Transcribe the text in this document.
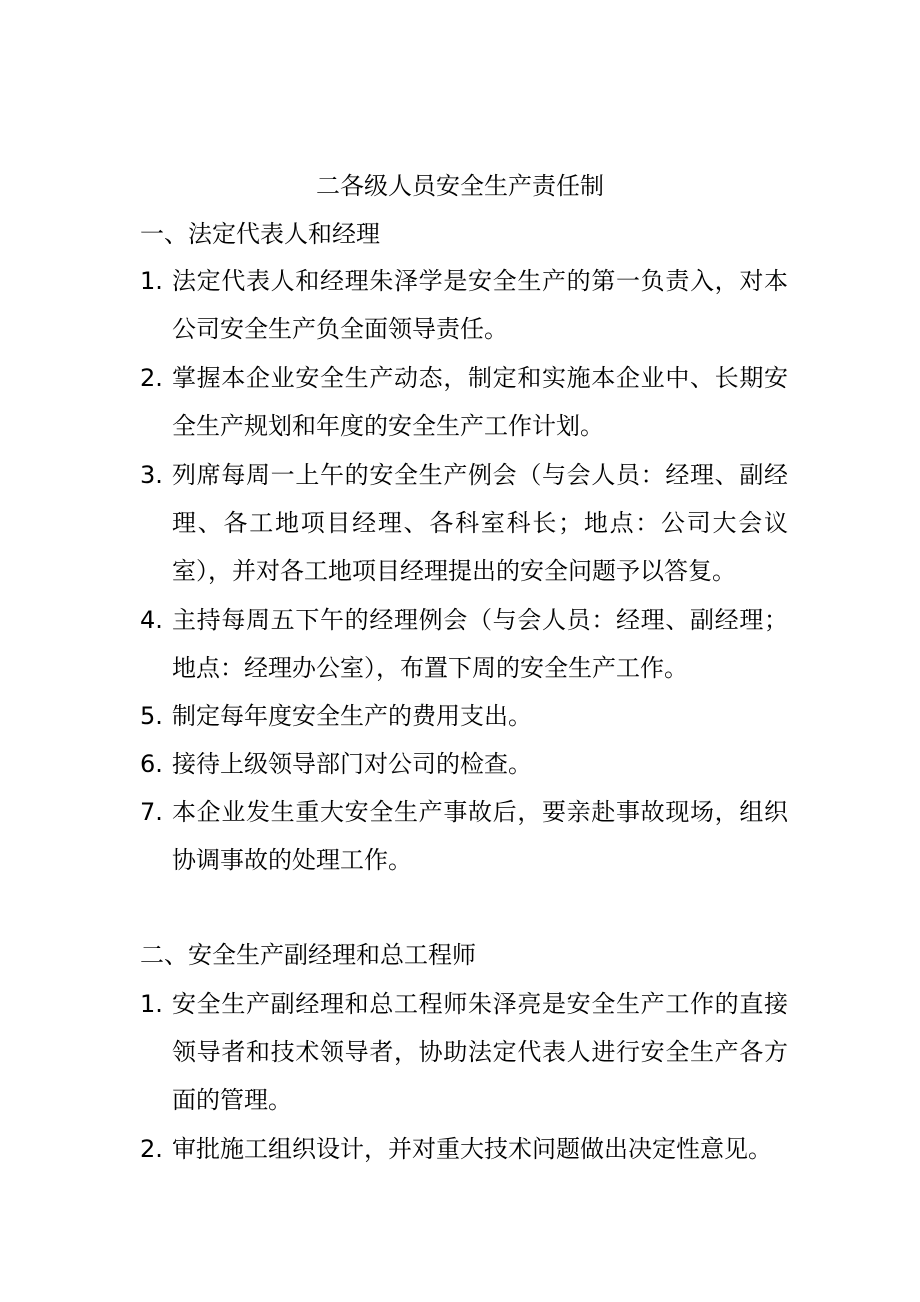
二各级人员安全生产责任制
一、法定代表人和经理
1. 法定代表人和经理朱泽学是安全生产的第一负责入，对本公司安全生产负全面领导责任。
2. 掌握本企业安全生产动态，制定和实施本企业中、长期安全生产规划和年度的安全生产工作计划。
3. 列席每周一上午的安全生产例会（与会人员：经理、副经理、各工地项目经理、各科室科长；地点：公司大会议室），并对各工地项目经理提出的安全问题予以答复。
4. 主持每周五下午的经理例会（与会人员：经理、副经理；地点：经理办公室），布置下周的安全生产工作。
5. 制定每年度安全生产的费用支出。
6. 接待上级领导部门对公司的检查。
7. 本企业发生重大安全生产事故后，要亲赴事故现场，组织协调事故的处理工作。
二、安全生产副经理和总工程师
1. 安全生产副经理和总工程师朱泽亮是安全生产工作的直接领导者和技术领导者，协助法定代表人进行安全生产各方面的管理。
2. 审批施工组织设计，并对重大技术问题做出决定性意见。
